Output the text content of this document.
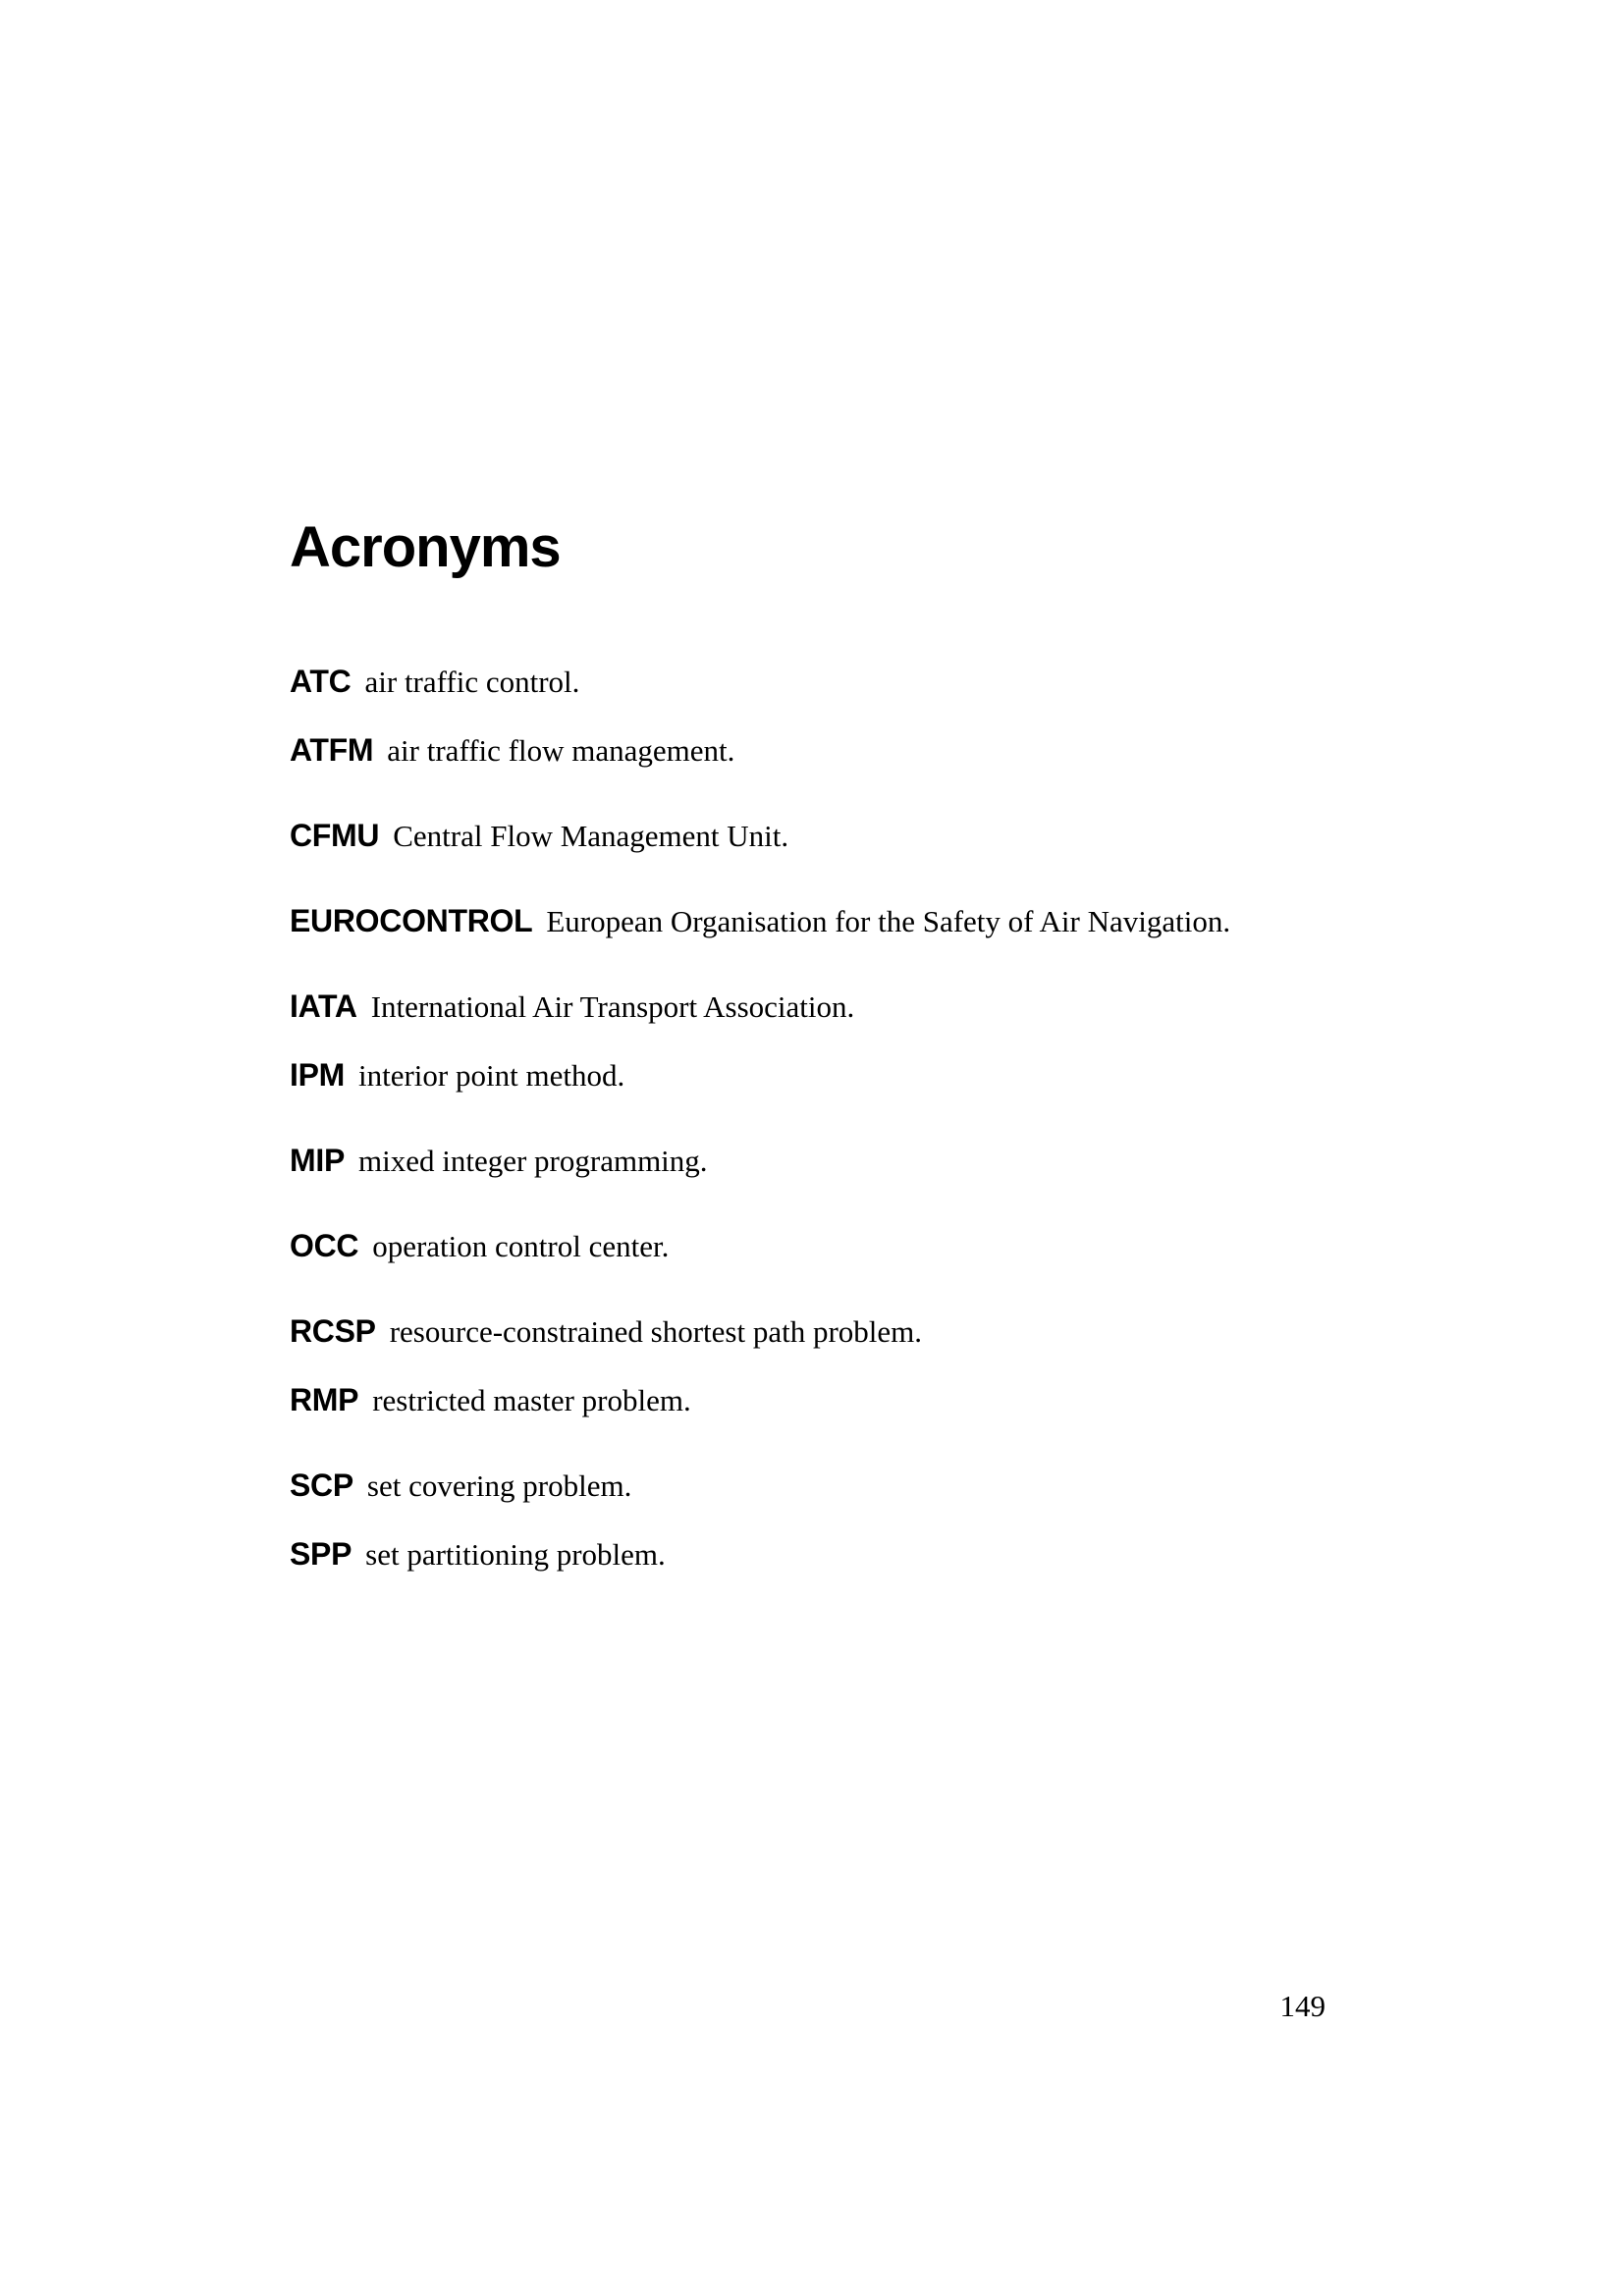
Acronyms
ATC air traffic control.
ATFM air traffic flow management.
CFMU Central Flow Management Unit.
EUROCONTROL European Organisation for the Safety of Air Navigation.
IATA International Air Transport Association.
IPM interior point method.
MIP mixed integer programming.
OCC operation control center.
RCSP resource-constrained shortest path problem.
RMP restricted master problem.
SCP set covering problem.
SPP set partitioning problem.
149
